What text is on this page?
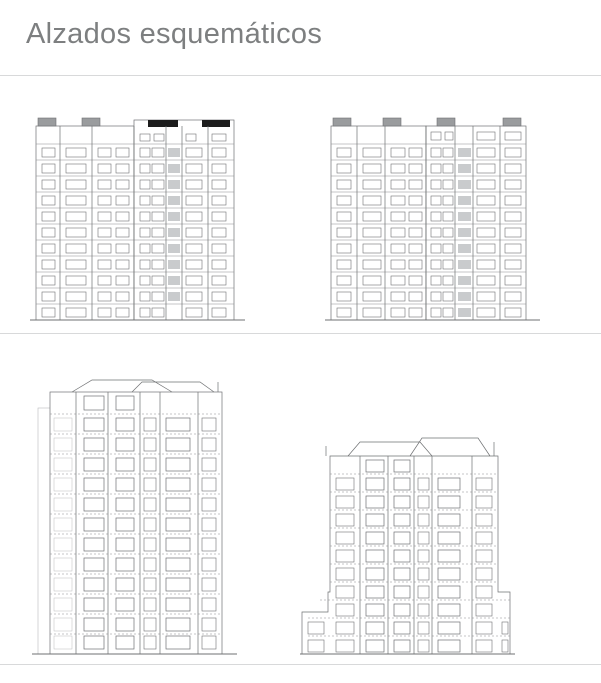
Alzados esquemáticos
